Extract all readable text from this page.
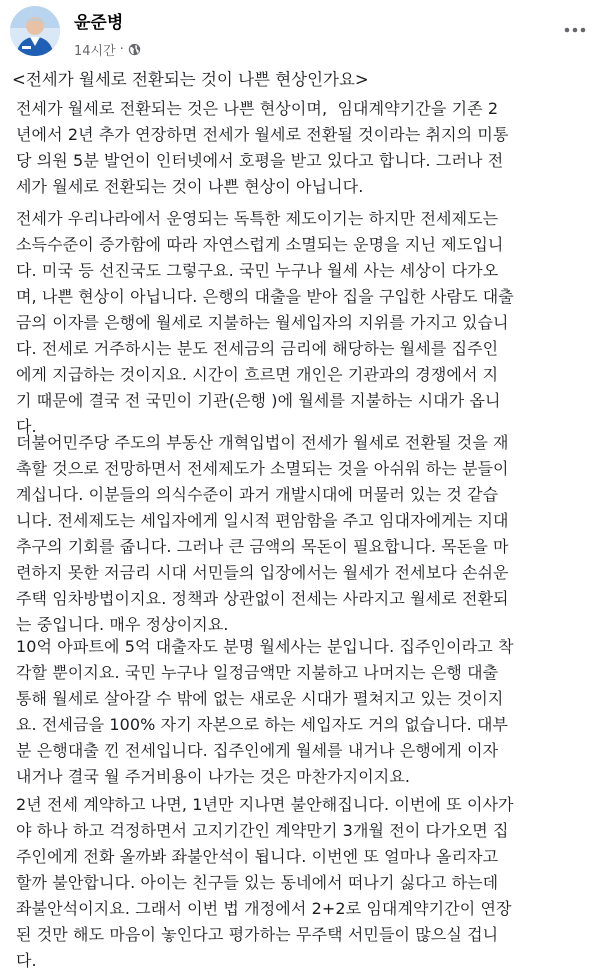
윤준병
14시간 ·
<전세가 월세로 전환되는 것이 나쁜 현상인가요>

전세가 월세로 전환되는 것은 나쁜 현상이며,  임대계약기간을 기존 2
년에서 2년 추가 연장하면 전세가 월세로 전환될 것이라는 취지의 미통
당 의원 5분 발언이 인터넷에서 호평을 받고 있다고 합니다. 그러나 전
세가 월세로 전환되는 것이 나쁜 현상이 아닙니다.

전세가 우리나라에서 운영되는 독특한 제도이기는 하지만 전세제도는
소득수준이 증가함에 따라 자연스럽게 소멸되는 운명을 지닌 제도입니
다. 미국 등 선진국도 그렇구요. 국민 누구나 월세 사는 세상이 다가오
며, 나쁜 현상이 아닙니다. 은행의 대출을 받아 집을 구입한 사람도 대출
금의 이자를 은행에 월세로 지불하는 월세입자의 지위를 가지고 있습니
다. 전세로 거주하시는 분도 전세금의 금리에 해당하는 월세를 집주인
에게 지급하는 것이지요. 시간이 흐르면 개인은 기관과의 경쟁에서 지
기 때문에 결국 전 국민이 기관(은행 )에 월세를 지불하는 시대가 옵니
다.

더불어민주당 주도의 부동산 개혁입법이 전세가 월세로 전환될 것을 재
촉할 것으로 전망하면서 전세제도가 소멸되는 것을 아쉬워 하는 분들이
계십니다. 이분들의 의식수준이 과거 개발시대에 머물러 있는 것 같습
니다. 전세제도는 세입자에게 일시적 편암함을 주고 임대자에게는 지대
추구의 기회를 줍니다. 그러나 큰 금액의 목돈이 필요합니다. 목돈을 마
련하지 못한 저금리 시대 서민들의 입장에서는 월세가 전세보다 손쉬운
주택 임차방법이지요. 정책과 상관없이 전세는 사라지고 월세로 전환되
는 중입니다. 매우 정상이지요.

10억 아파트에 5억 대출자도 분명 월세사는 분입니다. 집주인이라고 착
각할 뿐이지요. 국민 누구나 일정금액만 지불하고 나머지는 은행 대출
통해 월세로 살아갈 수 밖에 없는 새로운 시대가 펼쳐지고 있는 것이지
요. 전세금을 100% 자기 자본으로 하는 세입자도 거의 없습니다. 대부
분 은행대출 낀 전세입니다. 집주인에게 월세를 내거나 은행에게 이자
내거나 결국 월 주거비용이 나가는 것은 마찬가지이지요.

2년 전세 계약하고 나면, 1년만 지나면 불안해집니다. 이번에 또 이사가
야 하나 하고 걱정하면서 고지기간인 계약만기 3개월 전이 다가오면 집
주인에게 전화 올까봐 좌불안석이 됩니다. 이번엔 또 얼마나 올리자고
할까 불안합니다. 아이는 친구들 있는 동네에서 떠나기 싫다고 하는데
좌불안석이지요. 그래서 이번 법 개정에서 2+2로 임대계약기간이 연장
된 것만 해도 마음이 놓인다고 평가하는 무주택 서민들이 많으실 겁니
다.
